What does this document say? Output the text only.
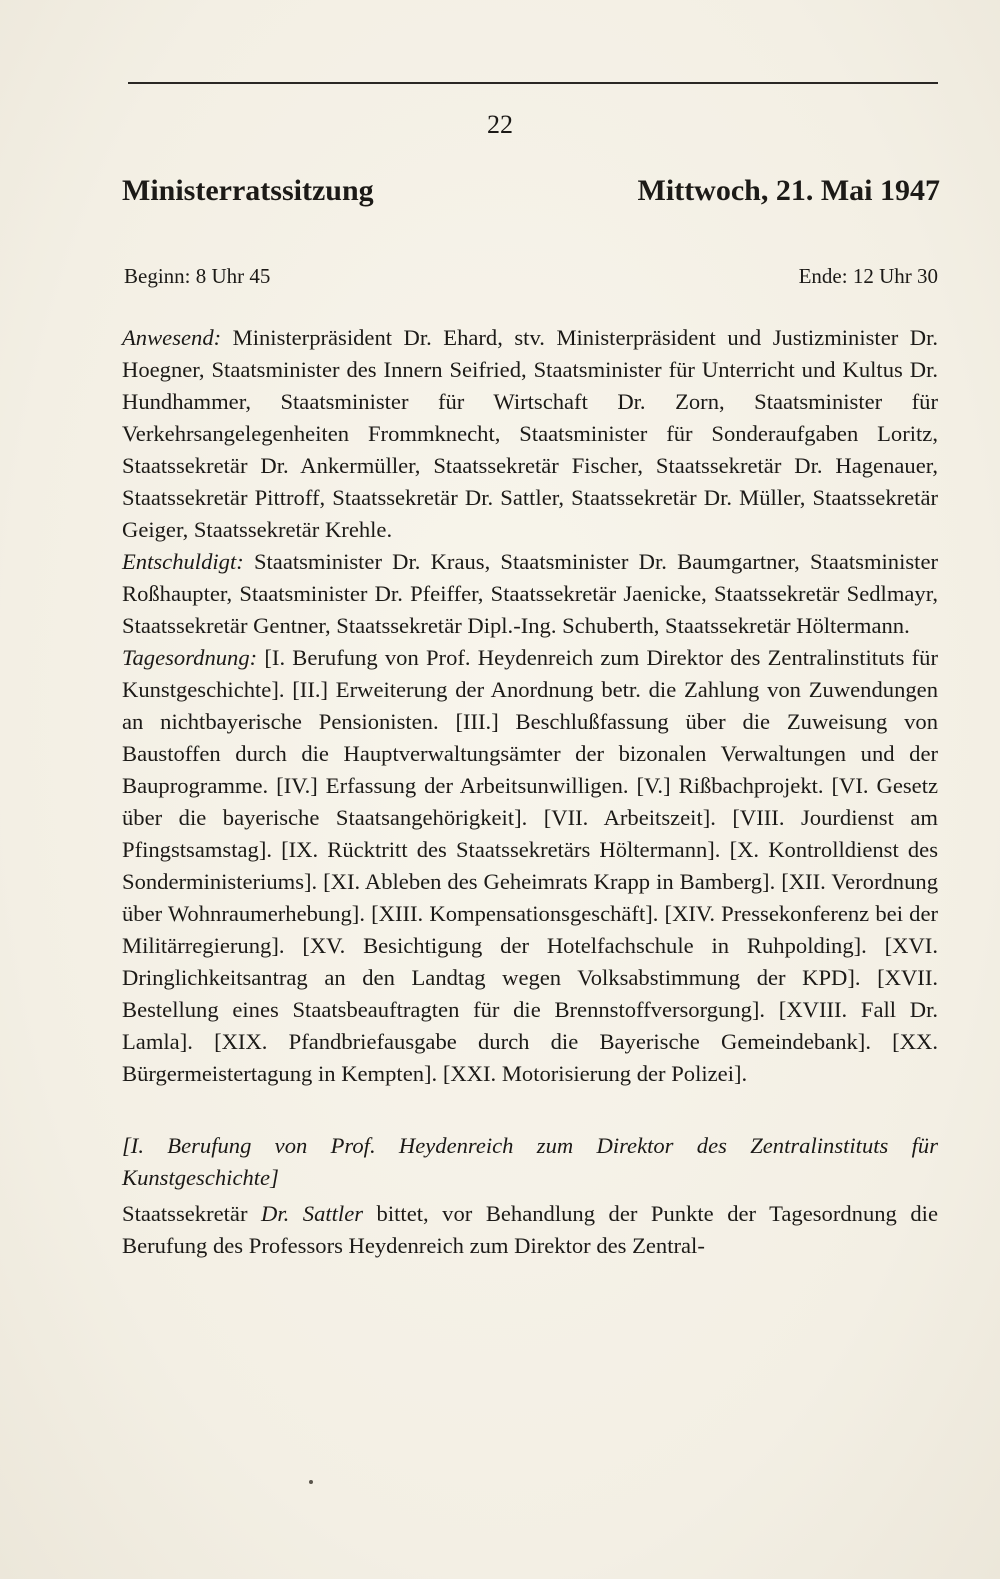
22
Ministerratssitzung	Mittwoch, 21. Mai 1947
Beginn: 8 Uhr 45	Ende: 12 Uhr 30

Anwesend: Ministerpräsident Dr. Ehard, stv. Ministerpräsident und Justizminister Dr. Hoegner, Staatsminister des Innern Seifried, Staatsminister für Unterricht und Kultus Dr. Hundhammer, Staatsminister für Wirtschaft Dr. Zorn, Staatsminister für Verkehrsangelegenheiten Frommknecht, Staatsminister für Sonderaufgaben Loritz, Staatssekretär Dr. Ankermüller, Staatssekretär Fischer, Staatssekretär Dr. Hagenauer, Staatssekretär Pittroff, Staatssekretär Dr. Sattler, Staatssekretär Dr. Müller, Staatssekretär Geiger, Staatssekretär Krehle.

Entschuldigt: Staatsminister Dr. Kraus, Staatsminister Dr. Baumgartner, Staatsminister Roßhaupter, Staatsminister Dr. Pfeiffer, Staatssekretär Jaenicke, Staatssekretär Sedlmayr, Staatssekretär Gentner, Staatssekretär Dipl.-Ing. Schuberth, Staatssekretär Höltermann.

Tagesordnung: [I. Berufung von Prof. Heydenreich zum Direktor des Zentralinstituts für Kunstgeschichte]. [II.] Erweiterung der Anordnung betr. die Zahlung von Zuwendungen an nichtbayerische Pensionisten. [III.] Beschlußfassung über die Zuweisung von Baustoffen durch die Hauptverwaltungsämter der bizonalen Verwaltungen und der Bauprogramme. [IV.] Erfassung der Arbeitsunwilligen. [V.] Rißbachprojekt. [VI. Gesetz über die bayerische Staatsangehörigkeit]. [VII. Arbeitszeit]. [VIII. Jourdienst am Pfingstsamstag]. [IX. Rücktritt des Staatssekretärs Höltermann]. [X. Kontrolldienst des Sonderministeriums]. [XI. Ableben des Geheimrats Krapp in Bamberg]. [XII. Verordnung über Wohnraumerhebung]. [XIII. Kompensationsgeschäft]. [XIV. Pressekonferenz bei der Militärregierung]. [XV. Besichtigung der Hotelfachschule in Ruhpolding]. [XVI. Dringlichkeitsantrag an den Landtag wegen Volksabstimmung der KPD]. [XVII. Bestellung eines Staatsbeauftragten für die Brennstoffversorgung]. [XVIII. Fall Dr. Lamla]. [XIX. Pfandbriefausgabe durch die Bayerische Gemeindebank]. [XX. Bürgermeistertagung in Kempten]. [XXI. Motorisierung der Polizei].

[I. Berufung von Prof. Heydenreich zum Direktor des Zentralinstituts für Kunstgeschichte]

Staatssekretär Dr. Sattler bittet, vor Behandlung der Punkte der Tagesordnung die Berufung des Professors Heydenreich zum Direktor des Zentral-
